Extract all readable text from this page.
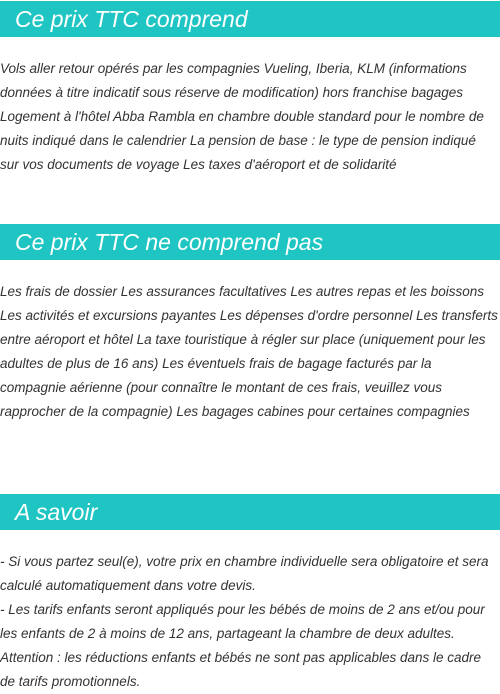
Ce prix TTC comprend

Vols aller retour opérés par les compagnies Vueling, Iberia, KLM (informations données à titre indicatif sous réserve de modification) hors franchise bagages Logement à l'hôtel Abba Rambla en chambre double standard pour le nombre de nuits indiqué dans le calendrier La pension de base : le type de pension indiqué sur vos documents de voyage Les taxes d'aéroport et de solidarité

Ce prix TTC ne comprend pas

Les frais de dossier Les assurances facultatives Les autres repas et les boissons Les activités et excursions payantes Les dépenses d'ordre personnel Les transferts entre aéroport et hôtel La taxe touristique à régler sur place (uniquement pour les adultes de plus de 16 ans) Les éventuels frais de bagage facturés par la compagnie aérienne (pour connaître le montant de ces frais, veuillez vous rapprocher de la compagnie) Les bagages cabines pour certaines compagnies

A savoir

- Si vous partez seul(e), votre prix en chambre individuelle sera obligatoire et sera calculé automatiquement dans votre devis.

- Les tarifs enfants seront appliqués pour les bébés de moins de 2 ans et/ou pour les enfants de 2 à moins de 12 ans, partageant la chambre de deux adultes. Attention : les réductions enfants et bébés ne sont pas applicables dans le cadre de tarifs promotionnels.
